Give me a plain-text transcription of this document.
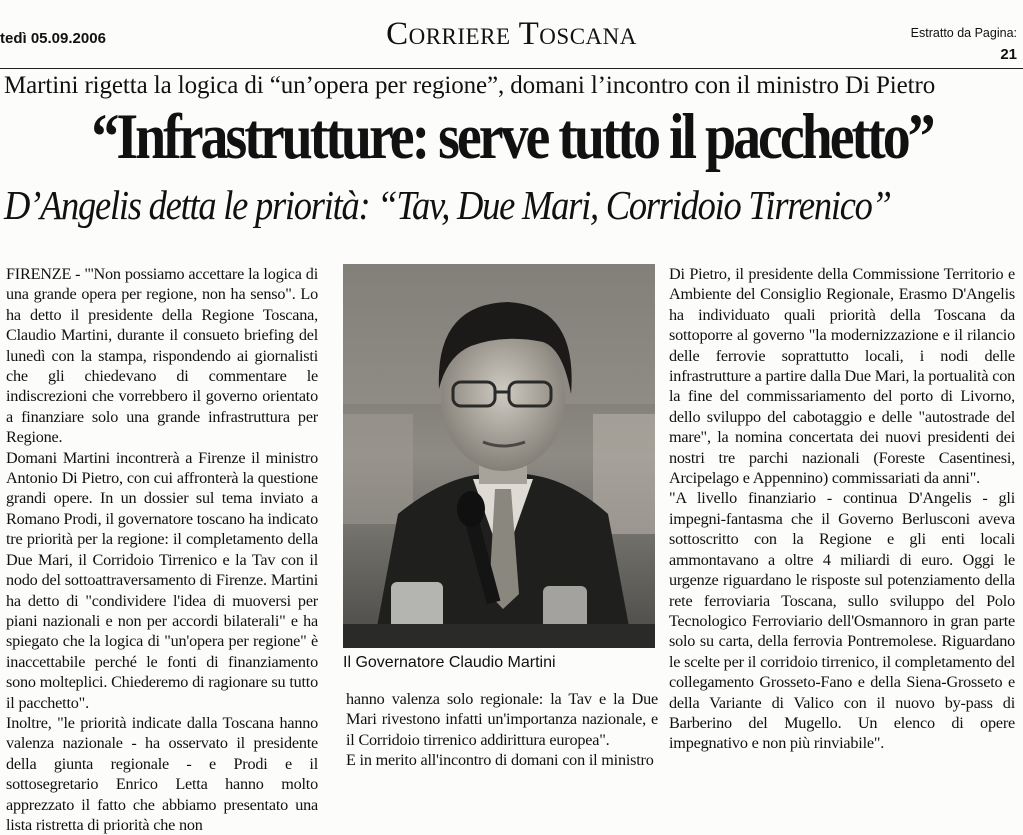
tedì 05.09.2006	Corriere Toscana	Estratto da Pagina:
21
Martini rigetta la logica di “un’opera per regione”, domani l’incontro con il ministro Di Pietro
“Infrastrutture: serve tutto il pacchetto”
D’Angelis detta le priorità: “Tav, Due Mari, Corridoio Tirrenico”

FIRENZE - "'Non possiamo accettare la logica di una grande opera per regione, non ha senso". Lo ha detto il presidente della Regione Toscana, Claudio Martini, durante il consueto briefing del lunedì con la stampa, rispondendo ai giornalisti che gli chiedevano di commentare le indiscrezioni che vorrebbero il governo orientato a finanziare solo una grande infrastruttura per Regione.

Domani Martini incontrerà a Firenze il ministro Antonio Di Pietro, con cui affronterà la questione grandi opere. In un dossier sul tema inviato a Romano Prodi, il governatore toscano ha indicato tre priorità per la regione: il completamento della Due Mari, il Corridoio Tirrenico e la Tav con il nodo del sottoattraversamento di Firenze. Martini ha detto di "condividere l'idea di muoversi per piani nazionali e non per accordi bilaterali" e ha spiegato che la logica di "un'opera per regione" è inaccettabile perché le fonti di finanziamento sono molteplici. Chiederemo di ragionare su tutto il pacchetto".

Inoltre, "le priorità indicate dalla Toscana hanno valenza nazionale - ha osservato il presidente della giunta regionale - e Prodi e il sottosegretario Enrico Letta hanno molto apprezzato il fatto che abbiamo presentato una lista ristretta di priorità che non

Il Governatore Claudio Martini

hanno valenza solo regionale: la Tav e la Due Mari rivestono infatti un'importanza nazionale, e il Corridoio tirrenico addirittura europea".

E in merito all'incontro di domani con il ministro

Di Pietro, il presidente della Commissione Territorio e Ambiente del Consiglio Regionale, Erasmo D'Angelis ha individuato quali priorità della Toscana da sottoporre al governo "la modernizzazione e il rilancio delle ferrovie soprattutto locali, i nodi delle infrastrutture a partire dalla Due Mari, la portualità con la fine del commissariamento del porto di Livorno, dello sviluppo del cabotaggio e delle "autostrade del mare", la nomina concertata dei nuovi presidenti dei nostri tre parchi nazionali (Foreste Casentinesi, Arcipelago e Appennino) commissariati da anni".

"A livello finanziario - continua D'Angelis - gli impegni-fantasma che il Governo Berlusconi aveva sottoscritto con la Regione e gli enti locali ammontavano a oltre 4 miliardi di euro. Oggi le urgenze riguardano le risposte sul potenziamento della rete ferroviaria Toscana, sullo sviluppo del Polo Tecnologico Ferroviario dell'Osmannoro in gran parte solo su carta, della ferrovia Pontremolese. Riguardano le scelte per il corridoio tirrenico, il completamento del collegamento Grosseto-Fano e della Siena-Grosseto e della Variante di Valico con il nuovo by-pass di Barberino del Mugello. Un elenco di opere impegnativo e non più rinviabile".
